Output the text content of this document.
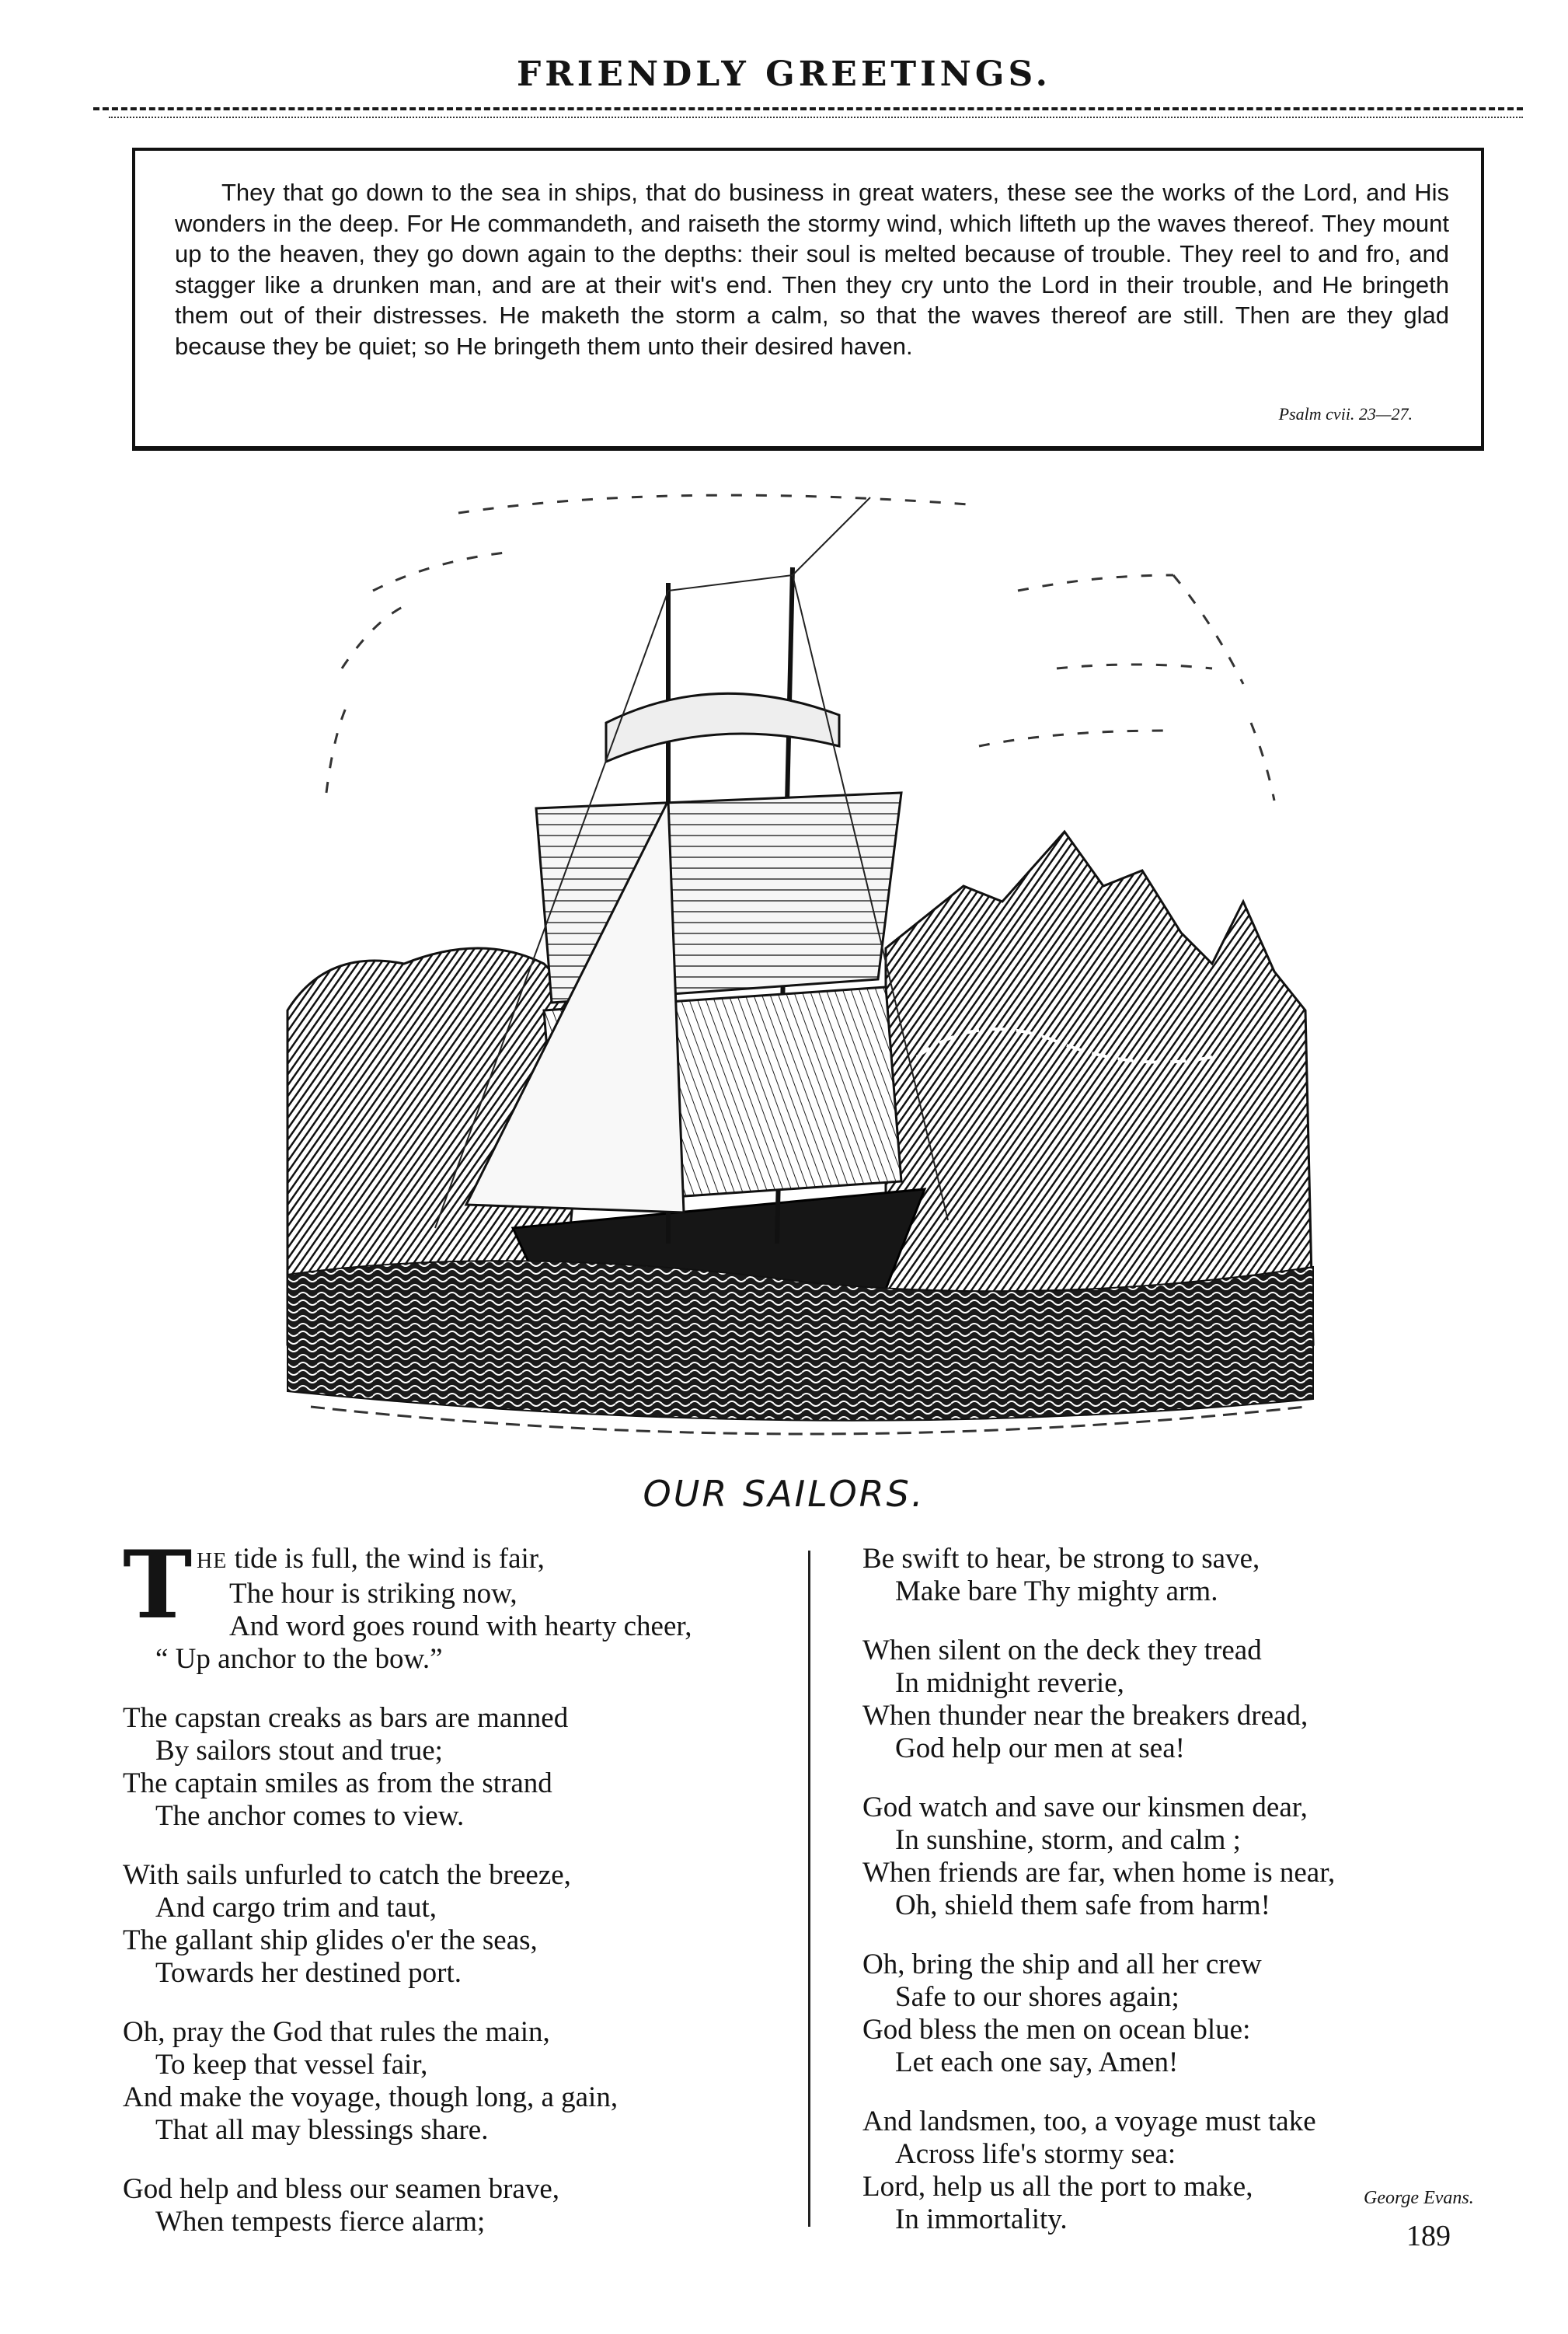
FRIENDLY GREETINGS.
They that go down to the sea in ships, that do business in great waters, these see the works of the Lord, and His wonders in the deep. For He commandeth, and raiseth the stormy wind, which lifteth up the waves thereof. They mount up to the heaven, they go down again to the depths: their soul is melted because of trouble. They reel to and fro, and stagger like a drunken man, and are at their wit's end. Then they cry unto the Lord in their trouble, and He bringeth them out of their distresses. He maketh the storm a calm, so that the waves thereof are still. Then are they glad because they be quiet; so He bringeth them unto their desired haven.
Psalm cvii. 23—27.
OUR SAILORS.
T HE tide is full, the wind is fair,
The hour is striking now,
And word goes round with hearty cheer,
“ Up anchor to the bow.”
The capstan creaks as bars are manned
By sailors stout and true;
The captain smiles as from the strand
The anchor comes to view.
With sails unfurled to catch the breeze,
And cargo trim and taut,
The gallant ship glides o'er the seas,
Towards her destined port.
Oh, pray the God that rules the main,
To keep that vessel fair,
And make the voyage, though long, a gain,
That all may blessings share.
God help and bless our seamen brave,
When tempests fierce alarm;
Be swift to hear, be strong to save,
Make bare Thy mighty arm.
When silent on the deck they tread
In midnight reverie,
When thunder near the breakers dread,
God help our men at sea!
God watch and save our kinsmen dear,
In sunshine, storm, and calm ;
When friends are far, when home is near,
Oh, shield them safe from harm!
Oh, bring the ship and all her crew
Safe to our shores again;
God bless the men on ocean blue:
Let each one say, Amen!
And landsmen, too, a voyage must take
Across life's stormy sea:
Lord, help us all the port to make,
In immortality.
George Evans.
189
